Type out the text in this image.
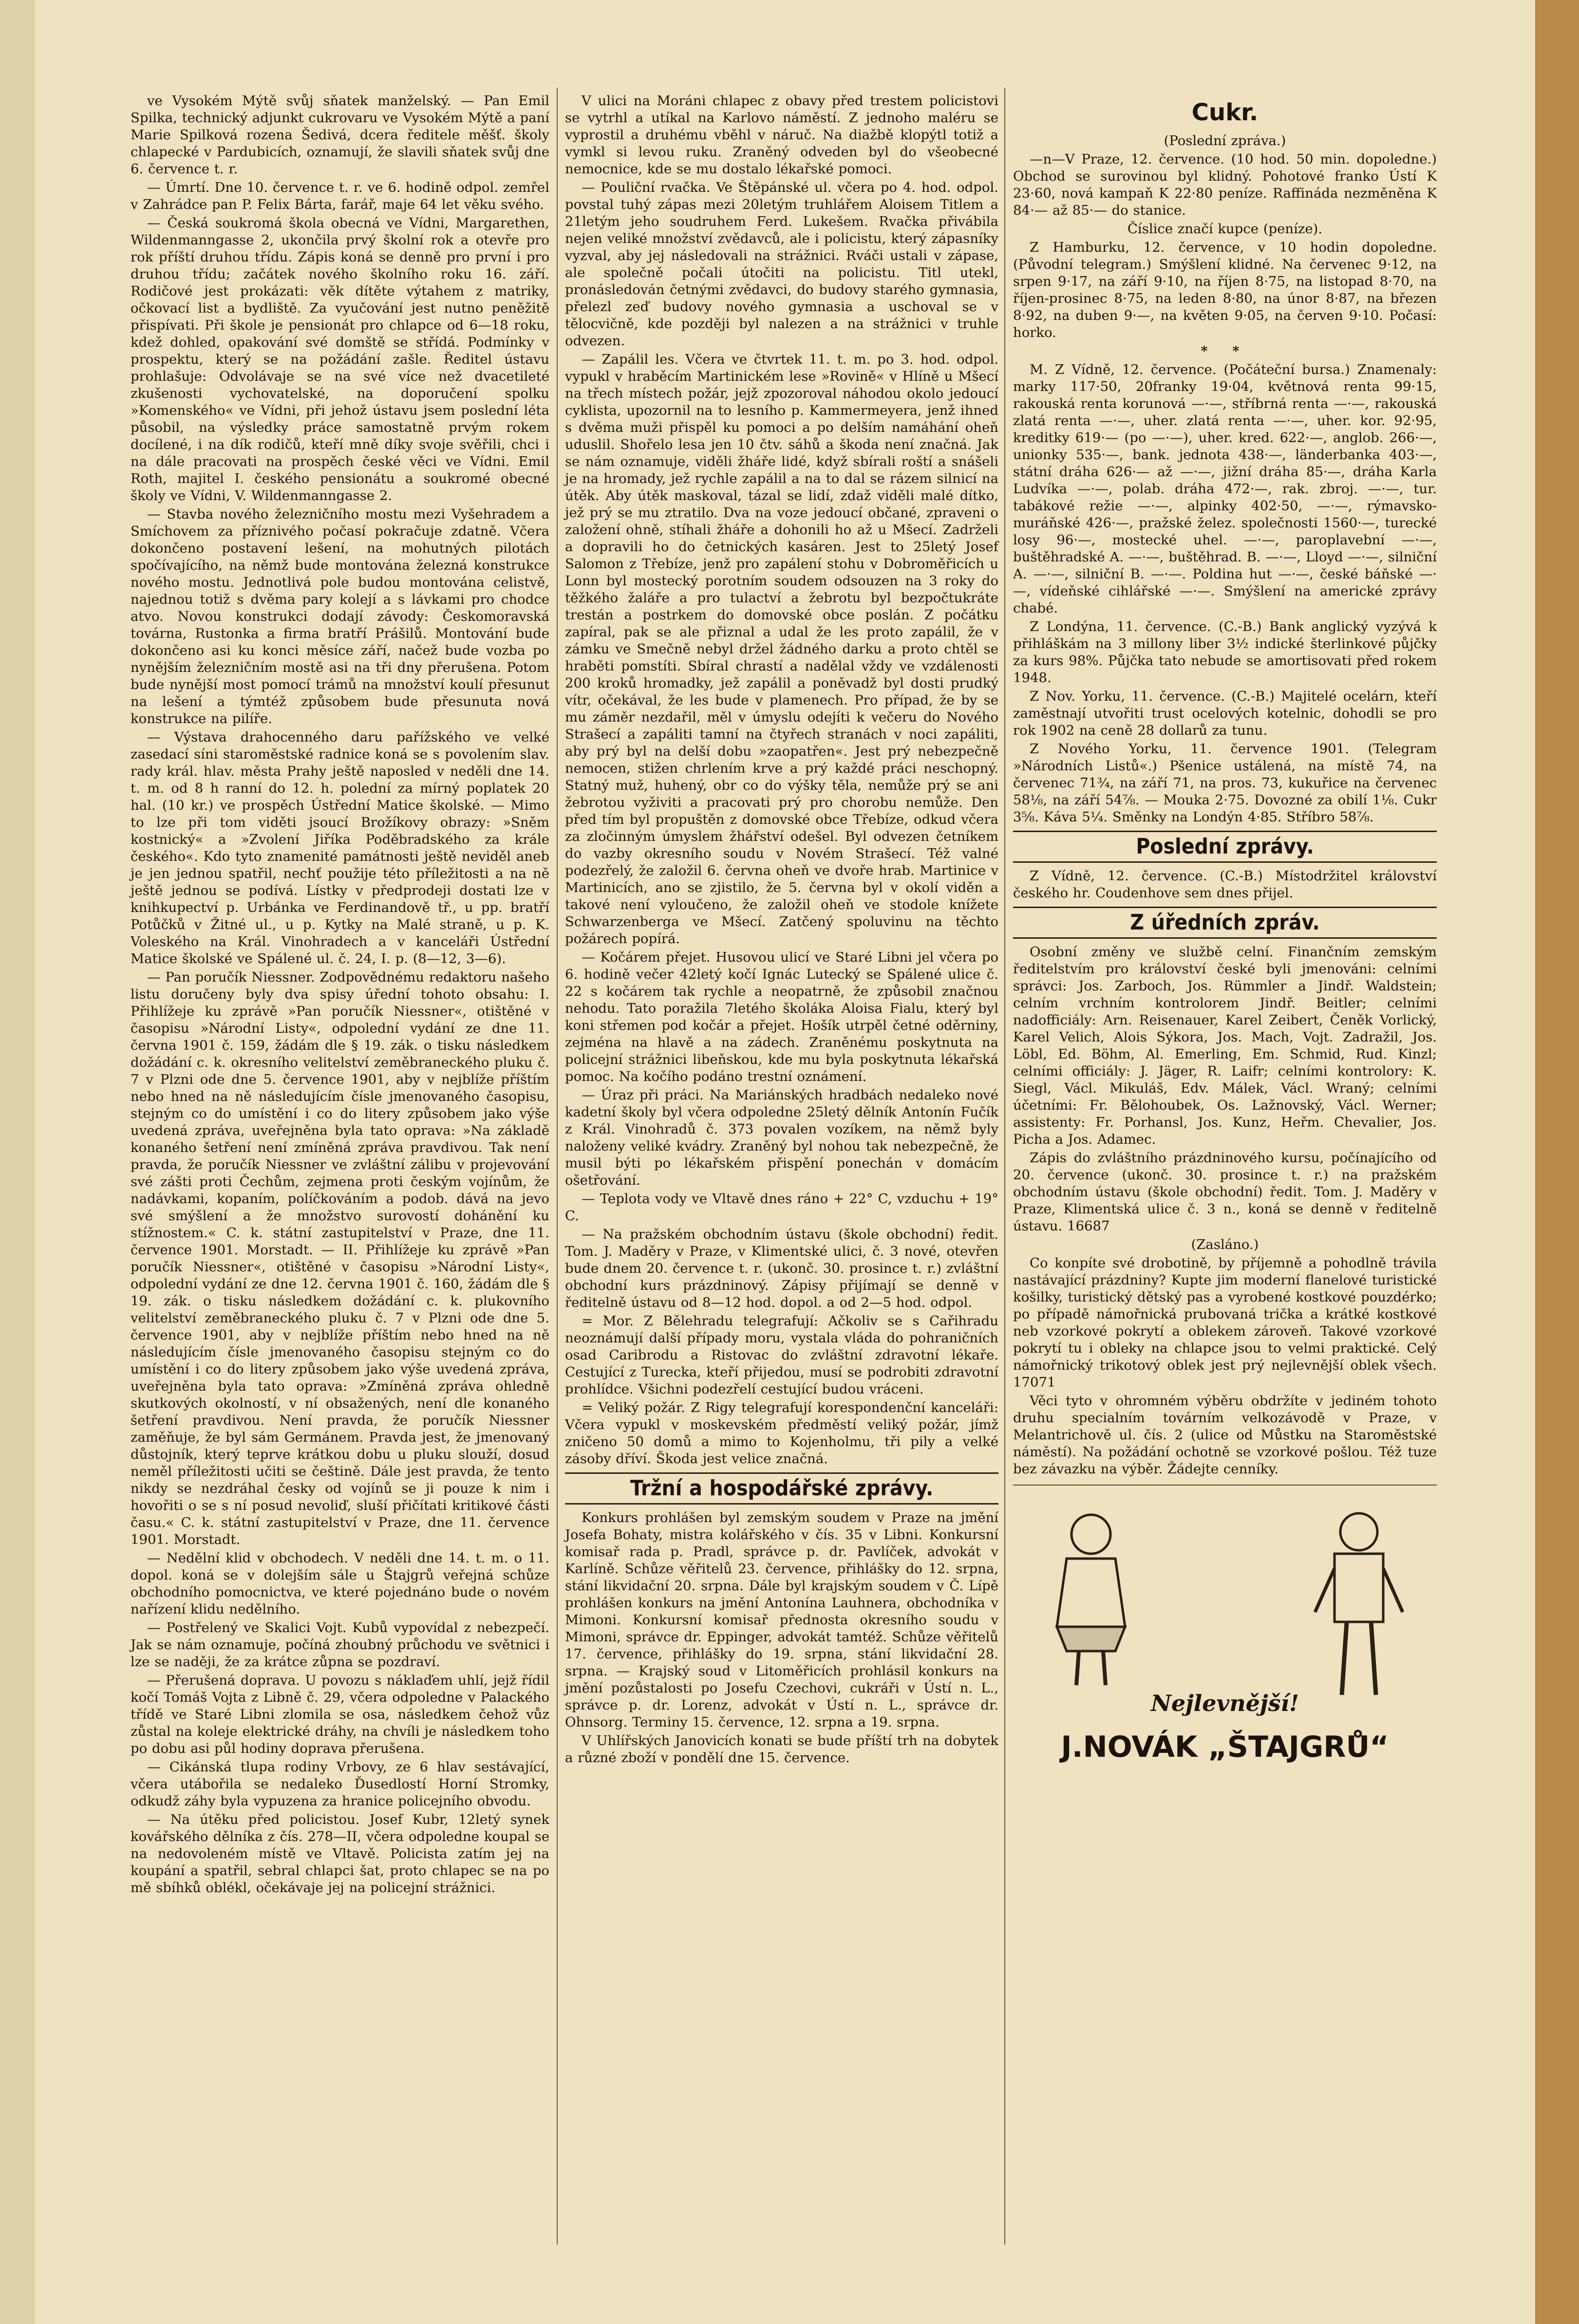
ve Vysokém Mýtě svůj sňatek manželský. — Pan Emil Spilka, technický adjunkt cukrovaru ve Vysokém Mýtě a paní Marie Spilková rozena Šedivá, dcera ředitele měšť. školy chlapecké v Pardubicích, oznamují, že slavili sňatek svůj dne 6. července t. r.

— Úmrtí. Dne 10. července t. r. ve 6. hodině odpol. zemřel v Zahrádce pan P. Felix Bárta, farář, maje 64 let věku svého.

— Česká soukromá škola obecná ve Vídni, Margarethen, Wildenmanngasse 2, ukončila prvý školní rok a otevře pro rok příští druhou třídu. Zápis koná se denně pro první i pro druhou třídu; začátek nového školního roku 16. září. Rodičové jest prokázati: věk dítěte výtahem z matriky, očkovací list a bydliště. Za vyučování jest nutno peněžitě přispívati. Při škole je pensionát pro chlapce od 6—18 roku, kdež dohled, opakování své domště se střídá. Podmínky v prospektu, který se na požádání zašle. Ředitel ústavu prohlašuje: Odvolávaje se na své více než dvacetileté zkušenosti vychovatelské, na doporučení spolku »Komenského« ve Vídni, při jehož ústavu jsem poslední léta působil, na výsledky práce samostatně prvým rokem docílené, i na dík rodičů, kteří mně díky svoje svěřili, chci i na dále pracovati na prospěch české věci ve Vídni. Emil Roth, majitel I. českého pensionátu a soukromé obecné školy ve Vídni, V. Wildenmanngasse 2.

— Stavba nového železničního mostu mezi Vyšehradem a Smíchovem za příznivého počasí pokračuje zdatně. Včera dokončeno postavení lešení, na mohutných pilotách spočívajícího, na němž bude montována železná konstrukce nového mostu. Jednotlivá pole budou montována celistvě, najednou totiž s dvěma pary kolejí a s lávkami pro chodce atvo. Novou konstrukci dodají závody: Českomoravská továrna, Rustonka a firma bratří Prášilů. Montování bude dokončeno asi ku konci měsíce září, načež bude vozba po nynějším železničním mostě asi na tři dny přerušena. Potom bude nynější most pomocí trámů na množství koulí přesunut na lešení a týmtéž způsobem bude přesunuta nová konstrukce na pilíře.

— Výstava drahocenného daru pařížského ve velké zasedací síni staroměstské radnice koná se s povolením slav. rady král. hlav. města Prahy ještě naposled v neděli dne 14. t. m. od 8 h ranní do 12. h. polední za mírný poplatek 20 hal. (10 kr.) ve prospěch Ústřední Matice školské. — Mimo to lze při tom viděti jsoucí Brožíkovy obrazy: »Sněm kostnický« a »Zvolení Jiříka Poděbradského za krále českého«. Kdo tyto znamenité památnosti ještě neviděl aneb je jen jednou spatřil, nechť použije této příležitosti a na ně ještě jednou se podívá. Lístky v předprodeji dostati lze v knihkupectví p. Urbánka ve Ferdinandově tř., u pp. bratří Potůčků v Žitné ul., u p. Kytky na Malé straně, u p. K. Voleského na Král. Vinohradech a v kanceláři Ústřední Matice školské ve Spálené ul. č. 24, I. p. (8—12, 3—6).

— Pan poručík Niessner. Zodpovědnému redaktoru našeho listu doručeny byly dva spisy úřední tohoto obsahu: I. Přihlížeje ku zprávě »Pan poručík Niessner«, otištěné v časopisu »Národní Listy«, odpolední vydání ze dne 11. června 1901 č. 159, žádám dle § 19. zák. o tisku následkem dožádání c. k. okresního velitelství zeměbraneckého pluku č. 7 v Plzni ode dne 5. července 1901, aby v nejblíže příštím nebo hned na ně následujícím čísle jmenovaného časopisu, stejným co do umístění i co do litery způsobem jako výše uvedená zpráva, uveřejněna byla tato oprava: »Na základě konaného šetření není zmíněná zpráva pravdivou. Tak není pravda, že poručík Niessner ve zvláštní zálibu v projevování své zášti proti Čechům, zejmena proti českým vojínům, že nadávkami, kopaním, políčkováním a podob. dává na jevo své smýšlení a že množstvo surovostí dohánění ku stížnostem.« C. k. státní zastupitelství v Praze, dne 11. července 1901. Morstadt. — II. Přihlížeje ku zprávě »Pan poručík Niessner«, otištěné v časopisu »Národní Listy«, odpolední vydání ze dne 12. června 1901 č. 160, žádám dle § 19. zák. o tisku následkem dožádání c. k. plukovního velitelství zeměbraneckého pluku č. 7 v Plzni ode dne 5. července 1901, aby v nejblíže příštím nebo hned na ně následujícím čísle jmenovaného časopisu stejným co do umístění i co do litery způsobem jako výše uvedená zpráva, uveřejněna byla tato oprava: »Zmíněná zpráva ohledně skutkových okolností, v ní obsažených, není dle konaného šetření pravdivou. Není pravda, že poručík Niessner zaměňuje, že byl sám Germánem. Pravda jest, že jmenovaný důstojník, který teprve krátkou dobu u pluku slouží, dosud neměl příležitosti učiti se češtině. Dále jest pravda, že tento nikdy se nezdráhal česky od vojínů se ji pouze k nim i hovořiti o se s ní posud nevoliď, sluší přičítati kritikové části času.« C. k. státní zastupitelství v Praze, dne 11. července 1901. Morstadt.

— Nedělní klid v obchodech. V neděli dne 14. t. m. o 11. dopol. koná se v dolejším sále u Štajgrů veřejná schůze obchodního pomocnictva, ve které pojednáno bude o novém nařízení klidu nedělního.

— Postřelený ve Skalici Vojt. Kubů vypovídal z nebezpečí. Jak se nám oznamuje, počíná zhoubný průchodu ve světnici i lze se naději, že za krátce zůpna se pozdraví.

— Přerušená doprava. U povozu s náklaďem uhlí, jejž řídil kočí Tomáš Vojta z Libně č. 29, včera odpoledne v Palackého třídě ve Staré Libni zlomila se osa, následkem čehož vůz zůstal na koleje elektrické dráhy, na chvíli je následkem toho po dobu asi půl hodiny doprava přerušena.

— Cikánská tlupa rodiny Vrbovy, ze 6 hlav sestávající, včera utábořila se nedaleko Ďusedlostí Horní Stromky, odkudž záhy byla vypuzena za hranice policejního obvodu.

— Na útěku před policistou. Josef Kubr, 12letý synek kovářského dělníka z čís. 278—II, včera odpoledne koupal se na nedovoleném místě ve Vltavě. Policista zatím jej na koupání a spatřil, sebral chlapci šat, proto chlapec se na po mě sbíhků oblékl, očekávaje jej na policejní strážnici.

V ulici na Moráni chlapec z obavy před trestem policistovi se vytrhl a utíkal na Karlovo náměstí. Z jednoho maléru se vyprostil a druhému vběhl v náruč. Na diažbě klopýtl totiž a vymkl si levou ruku. Zraněný odveden byl do všeobecné nemocnice, kde se mu dostalo lékařské pomoci.

— Pouliční rvačka. Ve Štěpánské ul. včera po 4. hod. odpol. povstal tuhý zápas mezi 20letým truhlářem Aloisem Titlem a 21letým jeho soudruhem Ferd. Lukešem. Rvačka přivábila nejen veliké množství zvědavců, ale i policistu, který zápasníky vyzval, aby jej následovali na strážnici. Rváči ustali v zápase, ale společně počali útočiti na policistu. Titl utekl, pronásledován četnými zvědavci, do budovy starého gymnasia, přelezl zeď budovy nového gymnasia a uschoval se v tělocvičně, kde později byl nalezen a na strážnici v truhle odvezen.

— Zapálil les. Včera ve čtvrtek 11. t. m. po 3. hod. odpol. vypukl v hraběcím Martinickém lese »Rovině« v Hlíně u Mšecí na třech místech požár, jejž zpozoroval náhodou okolo jedoucí cyklista, upozornil na to lesního p. Kammermeyera, jenž ihned s dvěma muži přispěl ku pomoci a po delším namáhání oheň uduslil. Shořelo lesa jen 10 čtv. sáhů a škoda není značná. Jak se nám oznamuje, viděli žháře lidé, když sbírali roští a snášeli je na hromady, jež rychle zapálil a na to dal se rázem silnicí na útěk. Aby útěk maskoval, tázal se lidí, zdaž viděli malé dítko, jež prý se mu ztratilo. Dva na voze jedoucí občané, zpraveni o založení ohně, stíhali žháře a dohonili ho až u Mšecí. Zadrželi a dopravili ho do četnických kasáren. Jest to 25letý Josef Salomon z Třebíze, jenž pro zapálení stohu v Dobroměřicích u Lonn byl mostecký porotním soudem odsouzen na 3 roky do těžkého žaláře a pro tulactví a žebrotu byl bezpočtukráte trestán a postrkem do domovské obce poslán. Z počátku zapíral, pak se ale přiznal a udal že les proto zapálil, že v zámku ve Smečně nebyl držel žádného darku a proto chtěl se hraběti pomstíti. Sbíral chrastí a nadělal vždy ve vzdálenosti 200 kroků hromadky, jež zapálil a poněvadž byl dosti prudký vítr, očekával, že les bude v plamenech. Pro případ, že by se mu záměr nezdařil, měl v úmyslu odejíti k večeru do Nového Strašecí a zapáliti tamní na čtyřech stranách v noci zapáliti, aby prý byl na delší dobu »zaopatřen«. Jest prý nebezpečně nemocen, stižen chrlením krve a prý každé práci neschopný. Statný muž, huhený, obr co do výšky těla, nemůže prý se ani žebrotou vyživiti a pracovati prý pro chorobu nemůže. Den před tím byl propuštěn z domovské obce Třebíze, odkud včera za zločinným úmyslem žhářství odešel. Byl odvezen četníkem do vazby okresního soudu v Novém Strašecí. Též valné podezřelý, že založil 6. června oheň ve dvoře hrab. Martinice v Martinicích, ano se zjistilo, že 5. června byl v okolí viděn a takové není vyloučeno, že založil oheň ve stodole knížete Schwarzenberga ve Mšecí. Zatčený spoluvinu na těchto požárech popírá.

— Kočárem přejet. Husovou ulicí ve Staré Libni jel včera po 6. hodině večer 42letý kočí Ignác Lutecký se Spálené ulice č. 22 s kočárem tak rychle a neopatrně, že způsobil značnou nehodu. Tato poražila 7letého školáka Aloisa Fialu, který byl koni střemen pod kočár a přejet. Hošík utrpěl četné oděrniny, zejména na hlavě a na zádech. Zraněnému poskytnuta na policejní strážnici libeňskou, kde mu byla poskytnuta lékařská pomoc. Na kočího podáno trestní oznámení.

— Úraz při práci. Na Mariánských hradbách nedaleko nové kadetní školy byl včera odpoledne 25letý dělník Antonín Fučík z Král. Vinohradů č. 373 povalen vozíkem, na němž byly naloženy veliké kvádry. Zraněný byl nohou tak nebezpečně, že musil býti po lékařském přispění ponechán v domácím ošetřování.

— Teplota vody ve Vltavě dnes ráno + 22° C, vzduchu + 19° C.

— Na pražském obchodním ústavu (škole obchodní) ředit. Tom. J. Maděry v Praze, v Klimentské ulici, č. 3 nové, otevřen bude dnem 20. července t. r. (ukonč. 30. prosince t. r.) zvláštní obchodní kurs prázdninový. Zápisy přijímají se denně v ředitelně ústavu od 8—12 hod. dopol. a od 2—5 hod. odpol.

= Mor. Z Bělehradu telegrafují: Ačkoliv se s Cařihradu neoznámují další případy moru, vystala vláda do pohraničních osad Caribrodu a Ristovac do zvláštní zdravotní lékaře. Cestující z Turecka, kteří přijedou, musí se podrobiti zdravotní prohlídce. Všichni podezřelí cestující budou vráceni.

= Veliký požár. Z Rigy telegrafují korespondenční kanceláři: Včera vypukl v moskevském předměstí veliký požár, jímž zničeno 50 domů a mimo to Kojenholmu, tři pily a velké zásoby dříví. Škoda jest velice značná.

Tržní a hospodářské zprávy.

Konkurs prohlášen byl zemským soudem v Praze na jmění Josefa Bohaty, mistra kolářského v čís. 35 v Libni. Konkursní komisař rada p. Pradl, správce p. dr. Pavlíček, advokát v Karlíně. Schůze věřitelů 23. července, přihlášky do 12. srpna, stání likvidační 20. srpna. Dále byl krajským soudem v Č. Lípě prohlášen konkurs na jmění Antonína Lauhnera, obchodníka v Mimoni. Konkursní komisař přednosta okresního soudu v Mimoni, správce dr. Eppinger, advokát tamtéž. Schůze věřitelů 17. července, přihlášky do 19. srpna, stání likvidační 28. srpna. — Krajský soud v Litoměřicích prohlásil konkurs na jmění pozůstalosti po Josefu Czechovi, cukráři v Ústí n. L., správce p. dr. Lorenz, advokát v Ústí n. L., správce dr. Ohnsorg. Terminy 15. července, 12. srpna a 19. srpna.

V Uhlířských Janovicích konati se bude příští trh na dobytek a různé zboží v pondělí dne 15. července.

Cukr.

(Poslední zpráva.)

—n—V Praze, 12. července. (10 hod. 50 min. dopoledne.) Obchod se surovinou byl klidný. Pohotové franko Ústí K 23·60, nová kampaň K 22·80 peníze. Raffináda nezměněna K 84·— až 85·— do stanice.

Číslice značí kupce (peníze).

Z Hamburku, 12. července, v 10 hodin dopoledne. (Původní telegram.) Smýšlení klidné. Na červenec 9·12, na srpen 9·17, na září 9·10, na říjen 8·75, na listopad 8·70, na říjen-prosinec 8·75, na leden 8·80, na únor 8·87, na březen 8·92, na duben 9·—, na květen 9·05, na červen 9·10. Počasí: horko.

* *

M. Z Vídně, 12. července. (Počáteční bursa.) Znamenaly: marky 117·50, 20franky 19·04, květnová renta 99·15, rakouská renta korunová —·—, stříbrná renta —·—, rakouská zlatá renta —·—, uher. zlatá renta —·—, uher. kor. 92·95, kreditky 619·— (po —·—), uher. kred. 622·—, anglob. 266·—, unionky 535·—, bank. jednota 438·—, länderbanka 403·—, státní dráha 626·— až —·—, jižní dráha 85·—, dráha Karla Ludvíka —·—, polab. dráha 472·—, rak. zbroj. —·—, tur. tabákové režie —·—, alpinky 402·50, —·—, rýmavsko-muráňské 426·—, pražské želez. společnosti 1560·—, turecké losy 96·—, mostecké uhel. —·—, paroplavební —·—, buštěhradské A. —·—, buštěhrad. B. —·—, Lloyd —·—, silniční A. —·—, silniční B. —·—. Poldina hut —·—, české báňské —·—, vídeňské cihlářské —·—. Smýšlení na americké zprávy chabé.

Z Londýna, 11. července. (C.-B.) Bank anglický vyzývá k přihláškám na 3 millony liber 3½ indické šterlinkové půjčky za kurs 98%. Půjčka tato nebude se amortisovati před rokem 1948.

Z Nov. Yorku, 11. července. (C.-B.) Majitelé ocelárn, kteří zaměstnají utvořiti trust ocelových kotelnic, dohodli se pro rok 1902 na ceně 28 dollarů za tunu.

Z Nového Yorku, 11. července 1901. (Telegram »Národních Listů«.) Pšenice ustálená, na místě 74, na červenec 71¾, na září 71, na pros. 73, kukuřice na červenec 58⅛, na září 54⅞. — Mouka 2·75. Dovozné za obilí 1⅛. Cukr 3⅝. Káva 5¼. Směnky na Londýn 4·85. Stříbro 58⅞.

Poslední zprávy.

Z Vídně, 12. července. (C.-B.) Místodržitel království českého hr. Coudenhove sem dnes přijel.

Z úředních zpráv.

Osobní změny ve službě celní. Finančním zemským ředitelstvím pro království české byli jmenováni: celními správci: Jos. Zarboch, Jos. Rümmler a Jindř. Waldstein; celním vrchním kontrolorem Jindř. Beitler; celními nadofficiály: Arn. Reisenauer, Karel Zeibert, Čeněk Vorlický, Karel Velich, Alois Sýkora, Jos. Mach, Vojt. Zadražil, Jos. Löbl, Ed. Böhm, Al. Emerling, Em. Schmid, Rud. Kinzl; celními officiály: J. Jäger, R. Laifr; celními kontrolory: K. Siegl, Václ. Mikuláš, Edv. Málek, Václ. Wraný; celními účetními: Fr. Bělohoubek, Os. Lažnovský, Václ. Werner; assistenty: Fr. Porhansl, Jos. Kunz, Heřm. Chevalier, Jos. Picha a Jos. Adamec.

Zápis do zvláštního prázdninového kursu, počínajícího od 20. července (ukonč. 30. prosince t. r.) na pražském obchodním ústavu (škole obchodní) ředit. Tom. J. Maděry v Praze, Klimentská ulice č. 3 n., koná se denně v ředitelně ústavu. 16687

(Zasláno.)

Co konpíte své drobotině, by příjemně a pohodlně trávila nastávající prázdniny? Kupte jim moderní flanelové turistické košilky, turistický dětský pas a vyrobené kostkové pouzdérko; po případě námořnická prubovaná trička a krátké kostkové neb vzorkové pokrytí a oblekem zároveň. Takové vzorkové pokrytí tu i obleky na chlapce jsou to velmi praktické. Celý námořnický trikotový oblek jest prý nejlevnější oblek všech. 17071

Věci tyto v ohromném výběru obdržíte v jediném tohoto druhu specialním továrním velkozávodě v Praze, v Melantrichově ul. čís. 2 (ulice od Můstku na Staroměstské náměstí). Na požádání ochotně se vzorkové pošlou. Též tuze bez závazku na výběr. Žádejte cenníky.

Nejlevnější!
J.NOVÁK „ŠTAJGRŮ“
